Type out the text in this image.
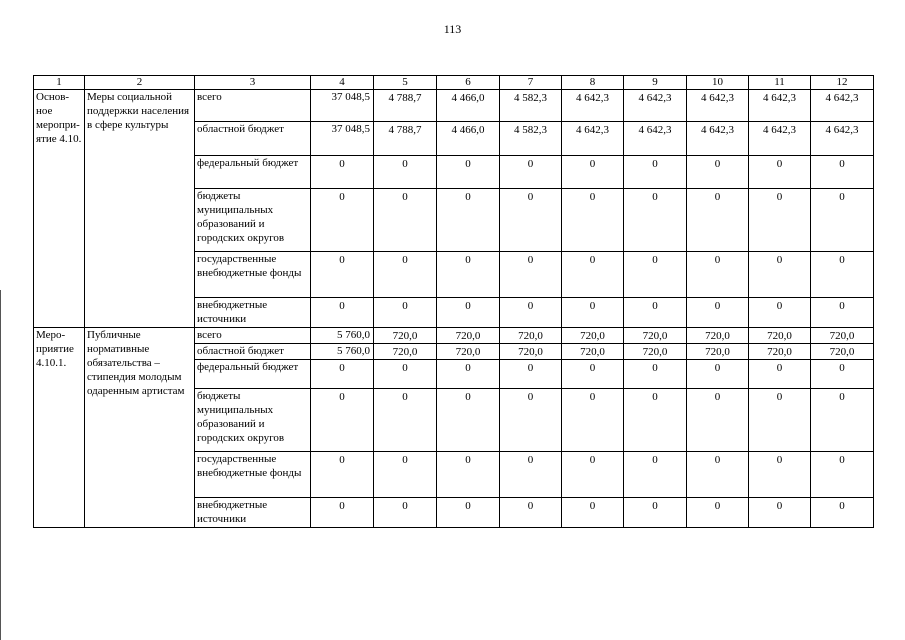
113
1	2	3	4	5	6	7	8	9	10	11	12
Основ-ное меропри-ятие 4.10.	Меры социальной поддержки населения в сфере культуры	всего	37 048,5	4 788,7	4 466,0	4 582,3	4 642,3	4 642,3	4 642,3	4 642,3	4 642,3
		областной бюджет	37 048,5	4 788,7	4 466,0	4 582,3	4 642,3	4 642,3	4 642,3	4 642,3	4 642,3
		федеральный бюджет	0	0	0	0	0	0	0	0	0
		бюджеты муниципальных образований и городских округов	0	0	0	0	0	0	0	0	0
		государственные внебюджетные фонды	0	0	0	0	0	0	0	0	0
		внебюджетные источники	0	0	0	0	0	0	0	0	0
Меро-приятие 4.10.1.	Публичные нормативные обязательства – стипендия молодым одаренным артистам	всего	5 760,0	720,0	720,0	720,0	720,0	720,0	720,0	720,0	720,0
		областной бюджет	5 760,0	720,0	720,0	720,0	720,0	720,0	720,0	720,0	720,0
		федеральный бюджет	0	0	0	0	0	0	0	0	0
		бюджеты муниципальных образований и городских округов	0	0	0	0	0	0	0	0	0
		государственные внебюджетные фонды	0	0	0	0	0	0	0	0	0
		внебюджетные источники	0	0	0	0	0	0	0	0	0
